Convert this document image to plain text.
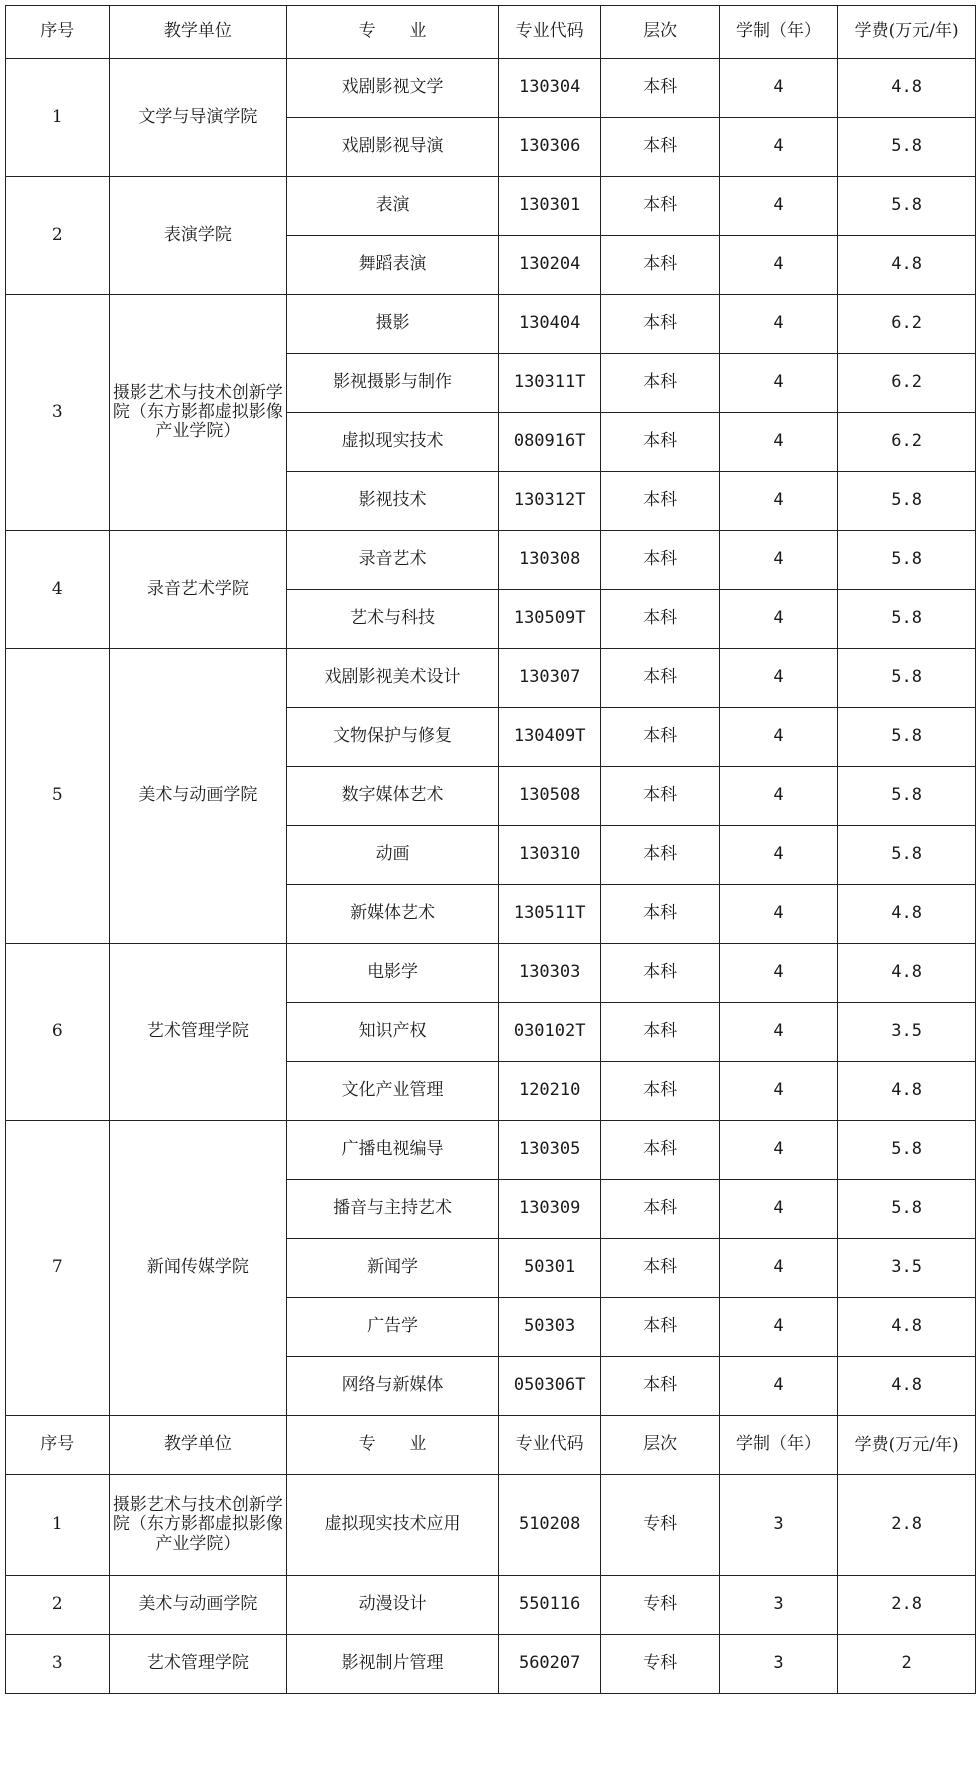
序号	教学单位	专　　业	专业代码	层次	学制（年）	学费(万元/年)
1	文学与导演学院	戏剧影视文学	130304	本科	4	4.8
		戏剧影视导演	130306	本科	4	5.8
2	表演学院	表演	130301	本科	4	5.8
		舞蹈表演	130204	本科	4	4.8
3	摄影艺术与技术创新学院（东方影都虚拟影像产业学院）	摄影	130404	本科	4	6.2
		影视摄影与制作	130311T	本科	4	6.2
		虚拟现实技术	080916T	本科	4	6.2
		影视技术	130312T	本科	4	5.8
4	录音艺术学院	录音艺术	130308	本科	4	5.8
		艺术与科技	130509T	本科	4	5.8
5	美术与动画学院	戏剧影视美术设计	130307	本科	4	5.8
		文物保护与修复	130409T	本科	4	5.8
		数字媒体艺术	130508	本科	4	5.8
		动画	130310	本科	4	5.8
		新媒体艺术	130511T	本科	4	4.8
6	艺术管理学院	电影学	130303	本科	4	4.8
		知识产权	030102T	本科	4	3.5
		文化产业管理	120210	本科	4	4.8
7	新闻传媒学院	广播电视编导	130305	本科	4	5.8
		播音与主持艺术	130309	本科	4	5.8
		新闻学	50301	本科	4	3.5
		广告学	50303	本科	4	4.8
		网络与新媒体	050306T	本科	4	4.8
序号	教学单位	专　　业	专业代码	层次	学制（年）	学费(万元/年)
1	摄影艺术与技术创新学院（东方影都虚拟影像产业学院）	虚拟现实技术应用	510208	专科	3	2.8
2	美术与动画学院	动漫设计	550116	专科	3	2.8
3	艺术管理学院	影视制片管理	560207	专科	3	2
